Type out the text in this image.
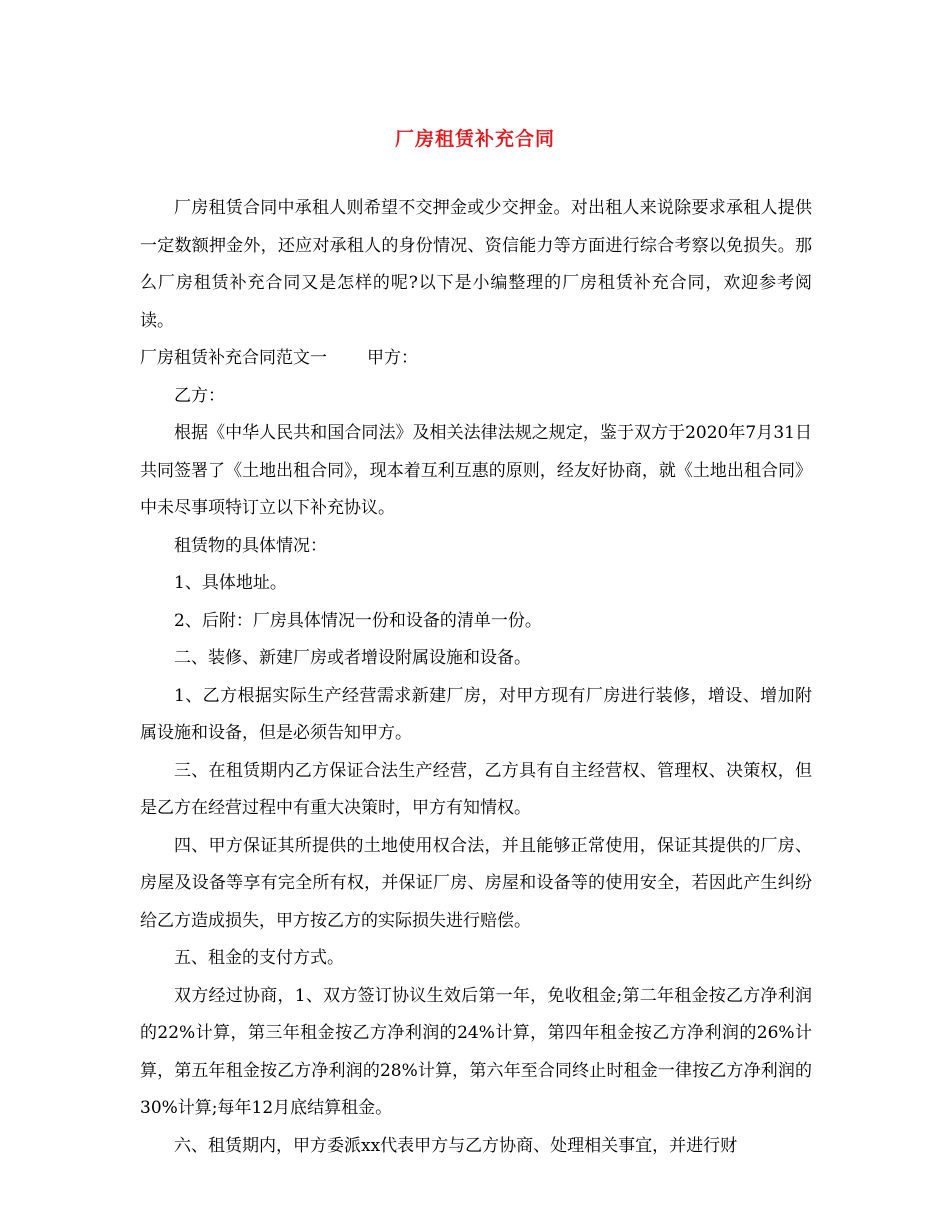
厂房租赁补充合同

厂房租赁合同中承租人则希望不交押金或少交押金。对出租人来说除要求承租人提供一定数额押金外，还应对承租人的身份情况、资信能力等方面进行综合考察以免损失。那么厂房租赁补充合同又是怎样的呢?以下是小编整理的厂房租赁补充合同，欢迎参考阅读。

厂房租赁补充合同范文一 甲方：

乙方：

根据《中华人民共和国合同法》及相关法律法规之规定，鉴于双方于2020年7月31日共同签署了《土地出租合同》，现本着互利互惠的原则，经友好协商，就《土地出租合同》中未尽事项特订立以下补充协议。

租赁物的具体情况：

1、具体地址。

2、后附：厂房具体情况一份和设备的清单一份。

二、装修、新建厂房或者增设附属设施和设备。

1、乙方根据实际生产经营需求新建厂房，对甲方现有厂房进行装修，增设、增加附属设施和设备，但是必须告知甲方。

三、在租赁期内乙方保证合法生产经营，乙方具有自主经营权、管理权、决策权，但是乙方在经营过程中有重大决策时，甲方有知情权。

四、甲方保证其所提供的土地使用权合法，并且能够正常使用，保证其提供的厂房、房屋及设备等享有完全所有权，并保证厂房、房屋和设备等的使用安全，若因此产生纠纷给乙方造成损失，甲方按乙方的实际损失进行赔偿。

五、租金的支付方式。

双方经过协商，1、双方签订协议生效后第一年，免收租金;第二年租金按乙方净利润的22%计算，第三年租金按乙方净利润的24%计算，第四年租金按乙方净利润的26%计算，第五年租金按乙方净利润的28%计算，第六年至合同终止时租金一律按乙方净利润的30%计算;每年12月底结算租金。

六、租赁期内，甲方委派xx代表甲方与乙方协商、处理相关事宜，并进行财
